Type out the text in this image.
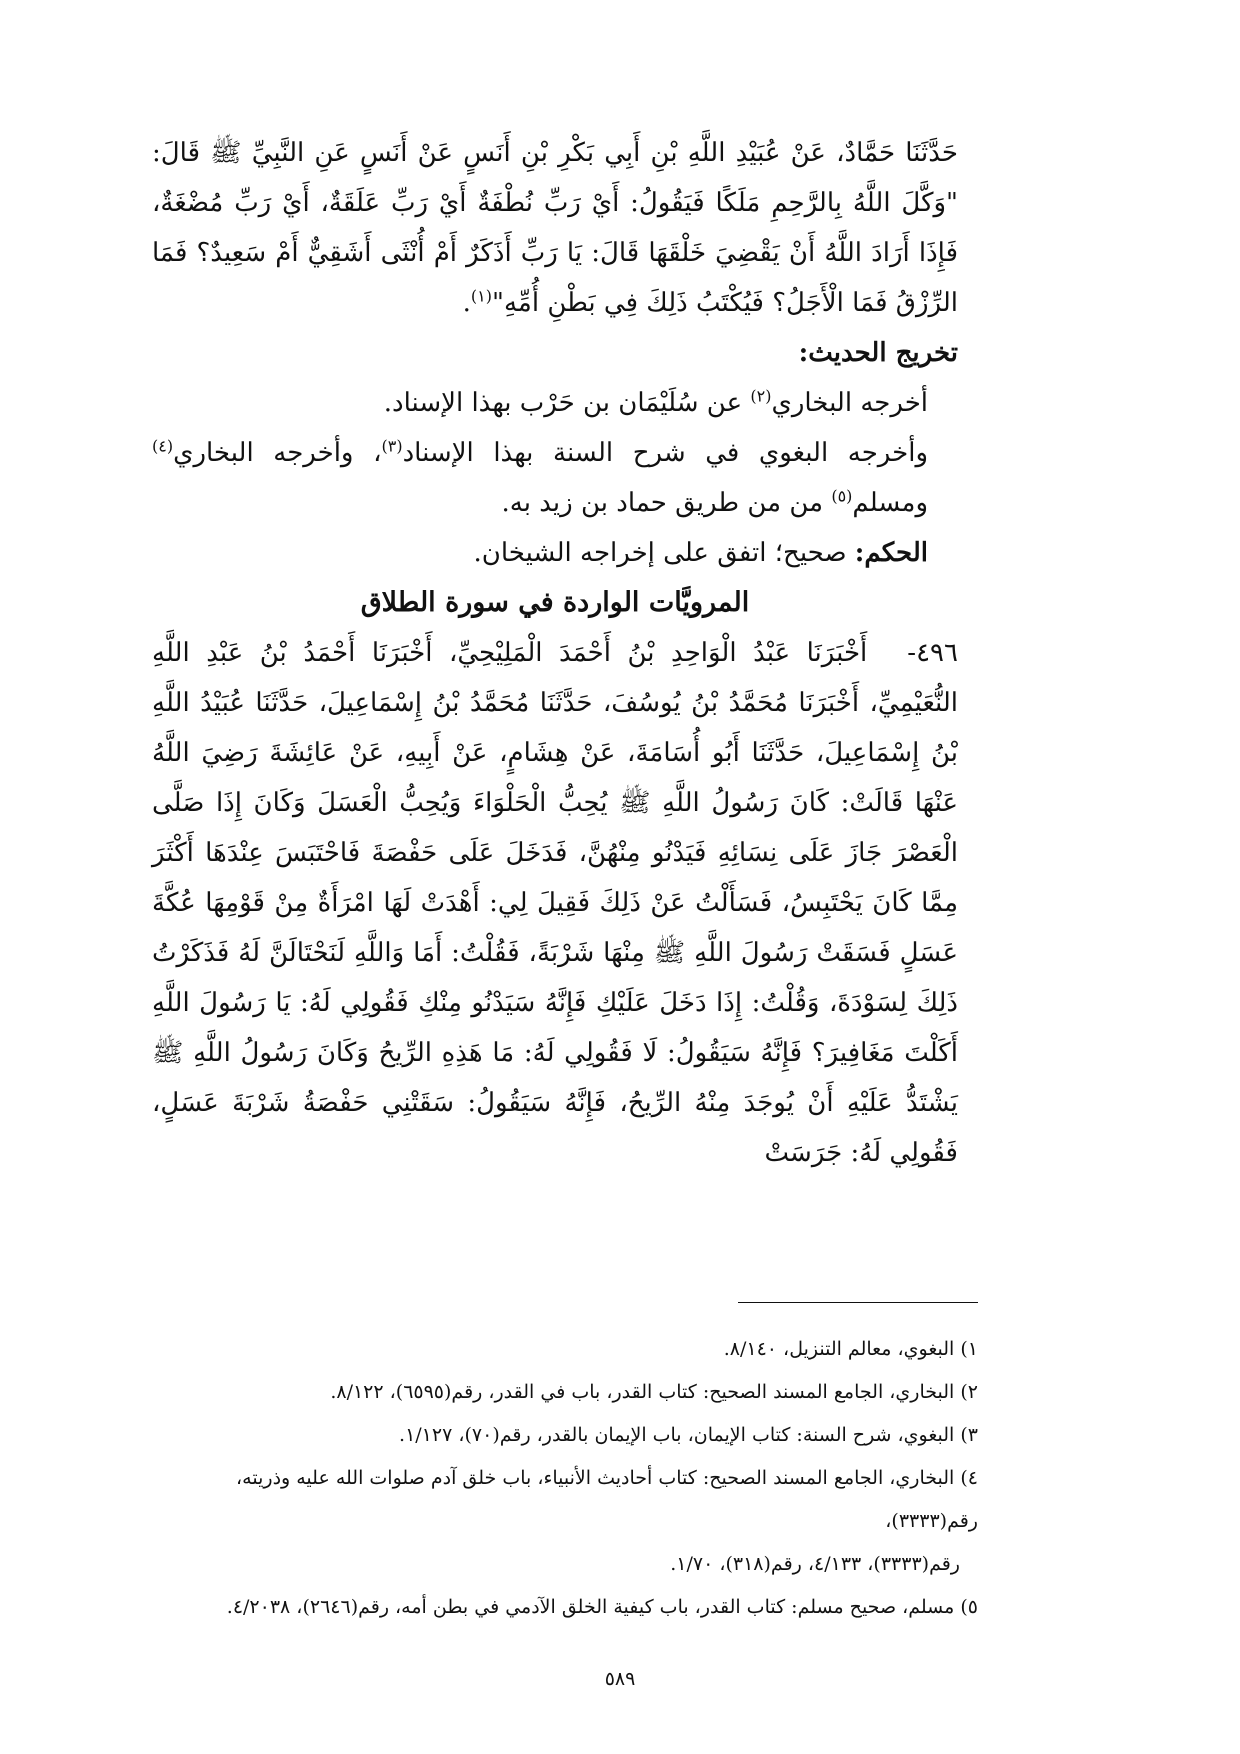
حَدَّثَنَا حَمَّادٌ، عَنْ عُبَيْدِ اللَّهِ بْنِ أَبِي بَكْرِ بْنِ أَنَسٍ عَنْ أَنَسٍ عَنِ النَّبِيِّ ﷺ قَالَ: "وَكَّلَ اللَّهُ بِالرَّحِمِ مَلَكًا فَيَقُولُ: أَيْ رَبِّ نُطْفَةٌ أَيْ رَبِّ عَلَقَةٌ، أَيْ رَبِّ مُضْغَةٌ، فَإِذَا أَرَادَ اللَّهُ أَنْ يَقْضِيَ خَلْقَهَا قَالَ: يَا رَبِّ أَذَكَرٌ أَمْ أُنْثَى أَشَقِيٌّ أَمْ سَعِيدٌ؟ فَمَا الرِّزْقُ فَمَا الْأَجَلُ؟ فَيُكْتَبُ ذَلِكَ فِي بَطْنِ أُمِّهِ"$^{(١)}$.

تخريج الحديث:

أخرجه البخاري$^{(٢)}$ عن سُلَيْمَان بن حَرْب بهذا الإسناد.

وأخرجه البغوي في شرح السنة بهذا الإسناد$^{(٣)}$، وأخرجه البخاري$^{(٤)}$ ومسلم$^{(٥)}$ من من طريق حماد بن زيد به.

الحكم: صحيح؛ اتفق على إخراجه الشيخان.

المرويَّات الواردة في سورة الطلاق

٤٩٦-أَخْبَرَنَا عَبْدُ الْوَاحِدِ بْنُ أَحْمَدَ الْمَلِيْحِيِّ، أَخْبَرَنَا أَحْمَدُ بْنُ عَبْدِ اللَّهِ النُّعَيْمِيِّ، أَخْبَرَنَا مُحَمَّدُ بْنُ يُوسُفَ، حَدَّثَنَا مُحَمَّدُ بْنُ إِسْمَاعِيلَ، حَدَّثَنَا عُبَيْدُ اللَّهِ بْنُ إِسْمَاعِيلَ، حَدَّثَنَا أَبُو أُسَامَةَ، عَنْ هِشَامٍ، عَنْ أَبِيهِ، عَنْ عَائِشَةَ رَضِيَ اللَّهُ عَنْهَا قَالَتْ: كَانَ رَسُولُ اللَّهِ ﷺ يُحِبُّ الْحَلْوَاءَ وَيُحِبُّ الْعَسَلَ وَكَانَ إِذَا صَلَّى الْعَصْرَ جَازَ عَلَى نِسَائِهِ فَيَدْنُو مِنْهُنَّ، فَدَخَلَ عَلَى حَفْصَةَ فَاحْتَبَسَ عِنْدَهَا أَكْثَرَ مِمَّا كَانَ يَحْتَبِسُ، فَسَأَلْتُ عَنْ ذَلِكَ فَقِيلَ لِي: أَهْدَتْ لَهَا امْرَأَةٌ مِنْ قَوْمِهَا عُكَّةَ عَسَلٍ فَسَقَتْ رَسُولَ اللَّهِ ﷺ مِنْهَا شَرْبَةً، فَقُلْتُ: أَمَا وَاللَّهِ لَنَحْتَالَنَّ لَهُ فَذَكَرْتُ ذَلِكَ لِسَوْدَةَ، وَقُلْتُ: إِذَا دَخَلَ عَلَيْكِ فَإِنَّهُ سَيَدْنُو مِنْكِ فَقُولِي لَهُ: يَا رَسُولَ اللَّهِ أَكَلْتَ مَغَافِيرَ؟ فَإِنَّهُ سَيَقُولُ: لَا فَقُولِي لَهُ: مَا هَذِهِ الرِّيحُ وَكَانَ رَسُولُ اللَّهِ ﷺ يَشْتَدُّ عَلَيْهِ أَنْ يُوجَدَ مِنْهُ الرِّيحُ، فَإِنَّهُ سَيَقُولُ: سَقَتْنِي حَفْصَةُ شَرْبَةَ عَسَلٍ، فَقُولِي لَهُ: جَرَسَتْ

١) البغوي، معالم التنزيل، ٨/١٤٠.

٢) البخاري، الجامع المسند الصحيح: كتاب القدر، باب في القدر، رقم(٦٥٩٥)، ٨/١٢٢.

٣) البغوي، شرح السنة: كتاب الإيمان، باب الإيمان بالقدر، رقم(٧٠)، ١/١٢٧.

٤) البخاري، الجامع المسند الصحيح: كتاب أحاديث الأنبياء، باب خلق آدم صلوات الله عليه وذريته، رقم(٣٣٣٣)،

رقم(٣٣٣٣)، ٤/١٣٣، رقم(٣١٨)، ١/٧٠.

٥) مسلم، صحيح مسلم: كتاب القدر، باب كيفية الخلق الآدمي في بطن أمه، رقم(٢٦٤٦)، ٤/٢٠٣٨.

٥٨٩
